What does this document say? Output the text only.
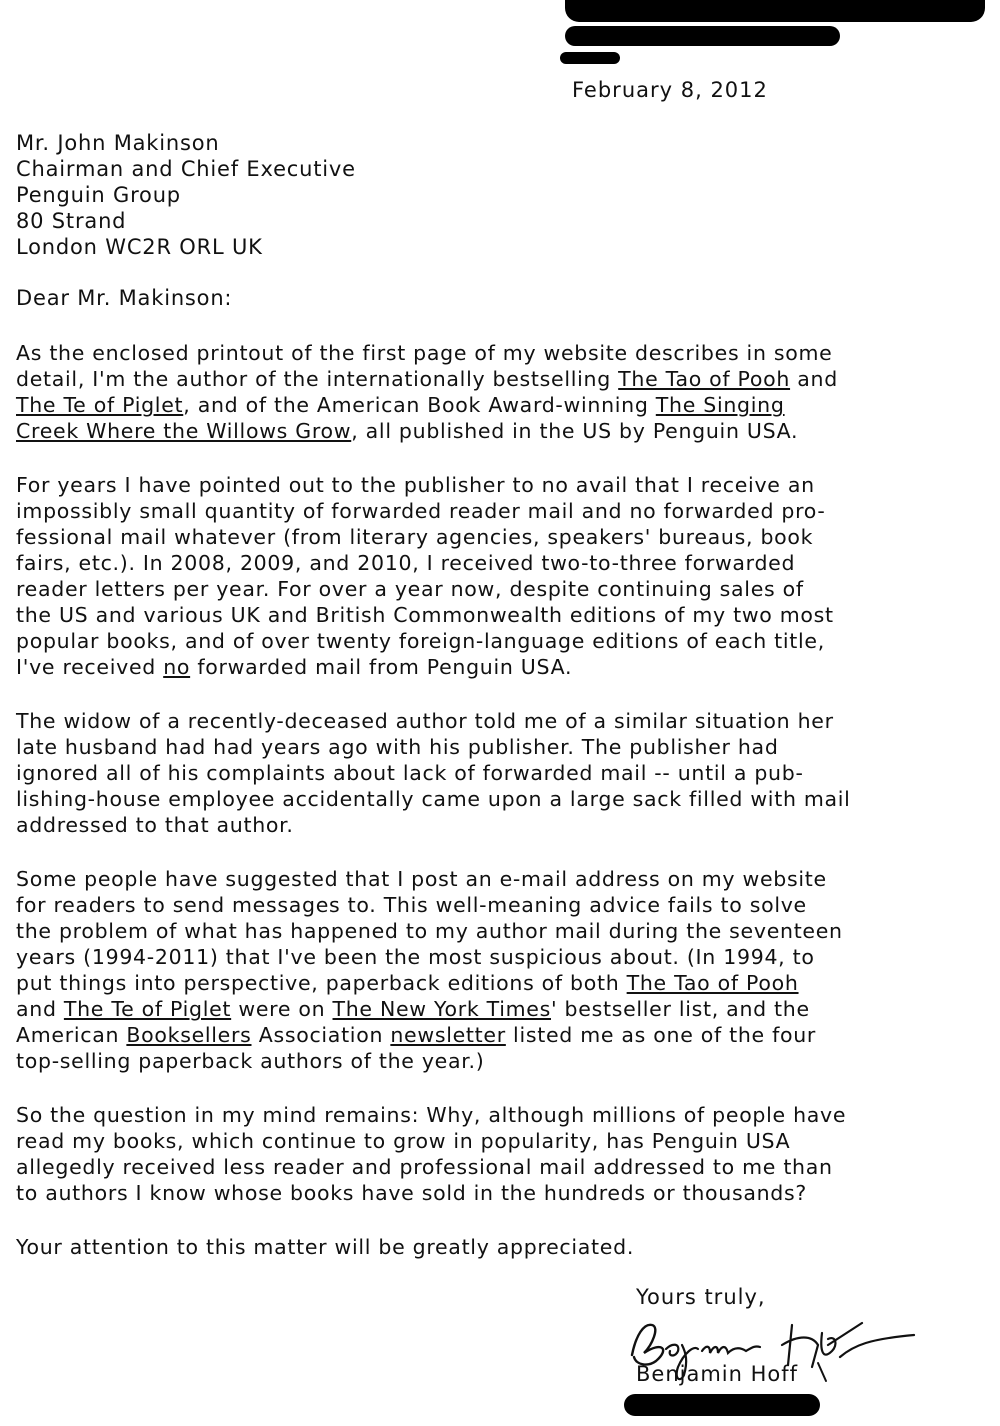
February 8, 2012
Mr. John Makinson
Chairman and Chief Executive
Penguin Group
80 Strand
London WC2R ORL UK
Dear Mr. Makinson:
As the enclosed printout of the first page of my website describes in some
detail, I'm the author of the internationally bestselling The Tao of Pooh and
The Te of Piglet, and of the American Book Award-winning The Singing
Creek Where the Willows Grow, all published in the US by Penguin USA.
For years I have pointed out to the publisher to no avail that I receive an
impossibly small quantity of forwarded reader mail and no forwarded pro-
fessional mail whatever (from literary agencies, speakers' bureaus, book
fairs, etc.). In 2008, 2009, and 2010, I received two-to-three forwarded
reader letters per year. For over a year now, despite continuing sales of
the US and various UK and British Commonwealth editions of my two most
popular books, and of over twenty foreign-language editions of each title,
I've received no forwarded mail from Penguin USA.
The widow of a recently-deceased author told me of a similar situation her
late husband had had years ago with his publisher. The publisher had
ignored all of his complaints about lack of forwarded mail -- until a pub-
lishing-house employee accidentally came upon a large sack filled with mail
addressed to that author.
Some people have suggested that I post an e-mail address on my website
for readers to send messages to. This well-meaning advice fails to solve
the problem of what has happened to my author mail during the seventeen
years (1994-2011) that I've been the most suspicious about. (In 1994, to
put things into perspective, paperback editions of both The Tao of Pooh
and The Te of Piglet were on The New York Times' bestseller list, and the
American Booksellers Association newsletter listed me as one of the four
top-selling paperback authors of the year.)
So the question in my mind remains: Why, although millions of people have
read my books, which continue to grow in popularity, has Penguin USA
allegedly received less reader and professional mail addressed to me than
to authors I know whose books have sold in the hundreds or thousands?
Your attention to this matter will be greatly appreciated.
Yours truly,
Benjamin Hoff
